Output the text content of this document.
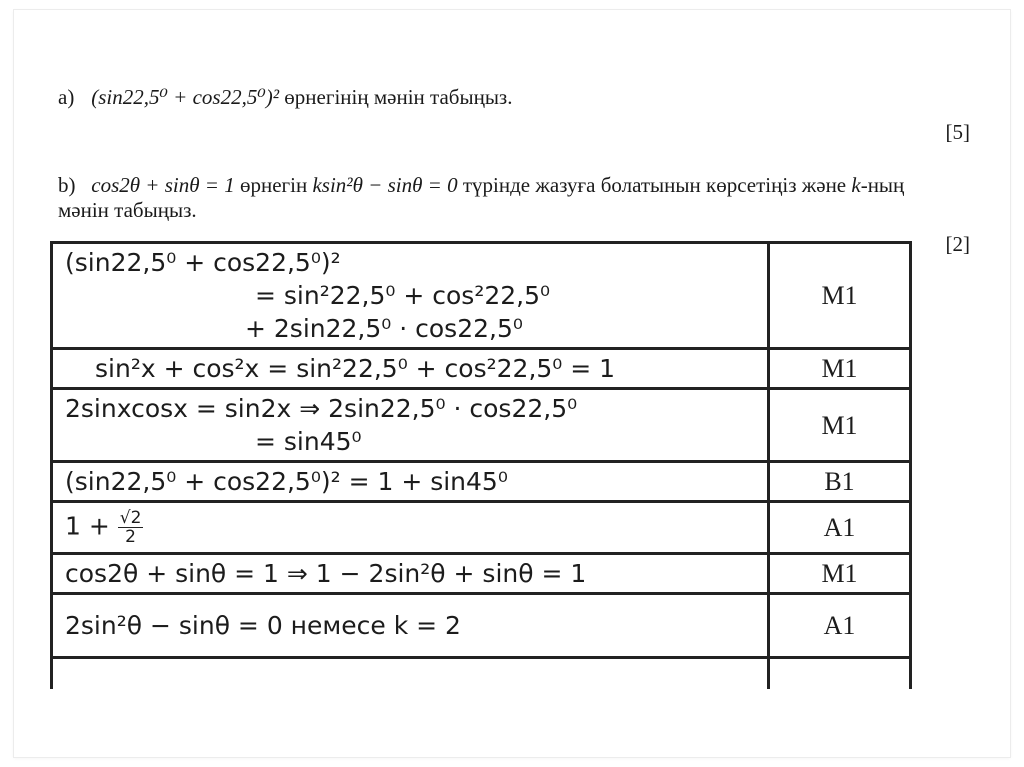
a) (sin22,5⁰ + cos22,5⁰)² өрнегінің мәнін табыңыз.
[5]
b) cos2θ + sinθ = 1 өрнегін ksin²θ − sinθ = 0 түрінде жазуға болатынын көрсетіңіз және k-ның мәнін табыңыз.
[2]
(sin22,5⁰ + cos22,5⁰)²
= sin²22,5⁰ + cos²22,5⁰
+ 2sin22,5⁰ · cos22,5⁰	M1

sin²x + cos²x = sin²22,5⁰ + cos²22,5⁰ = 1	M1

2sinxcosx = sin2x ⇒ 2sin22,5⁰ · cos22,5⁰
= sin45⁰	M1

(sin22,5⁰ + cos22,5⁰)² = 1 + sin45⁰	B1
$1 + \frac{√2}{2}$	A1

cos2θ + sinθ = 1 ⇒ 1 − 2sin²θ + sinθ = 1	M1

2sin²θ − sinθ = 0 немесе k = 2	A1
